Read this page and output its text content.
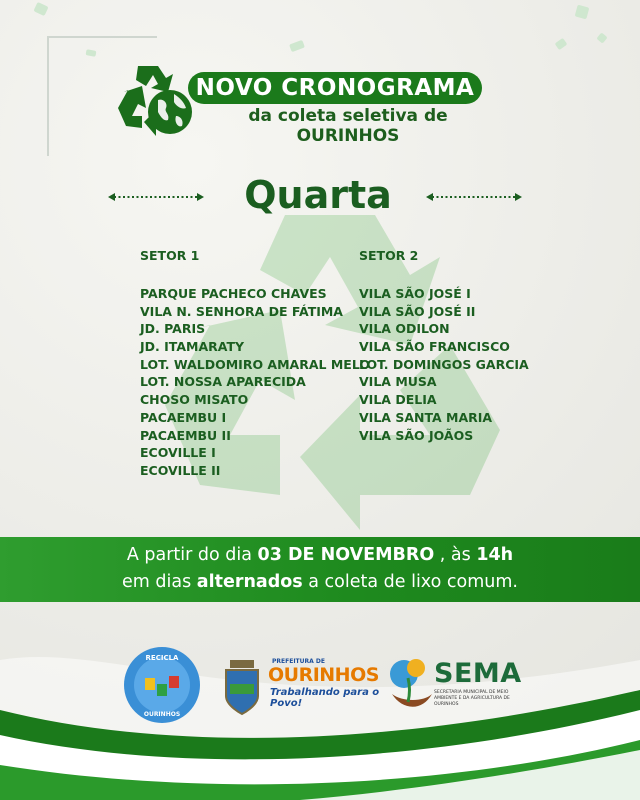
NOVO CRONOGRAMA
da coleta seletiva de OURINHOS
Quarta
SETOR 1
PARQUE PACHECO CHAVES
VILA N. SENHORA DE FÁTIMA
JD. PARIS
JD. ITAMARATY
LOT. WALDOMIRO AMARAL MELO
LOT. NOSSA APARECIDA
CHOSO MISATO
PACAEMBU I
PACAEMBU II
ECOVILLE I
ECOVILLE II
SETOR 2
VILA SÃO JOSÉ I
VILA SÃO JOSÉ II
VILA ODILON
VILA SÃO FRANCISCO
LOT. DOMINGOS GARCIA
VILA MUSA
VILA DELIA
VILA SANTA MARIA
VILA SÃO JOÃOS
A partir do dia 03 DE NOVEMBRO , às 14h
em dias alternados a coleta de lixo comum.
RECICLA
OURINHOS
PREFEITURA DE
OURINHOS
Trabalhando para o Povo!
SEMA
SECRETARIA MUNICIPAL DE MEIO AMBIENTE E DA AGRICULTURA DE OURINHOS
